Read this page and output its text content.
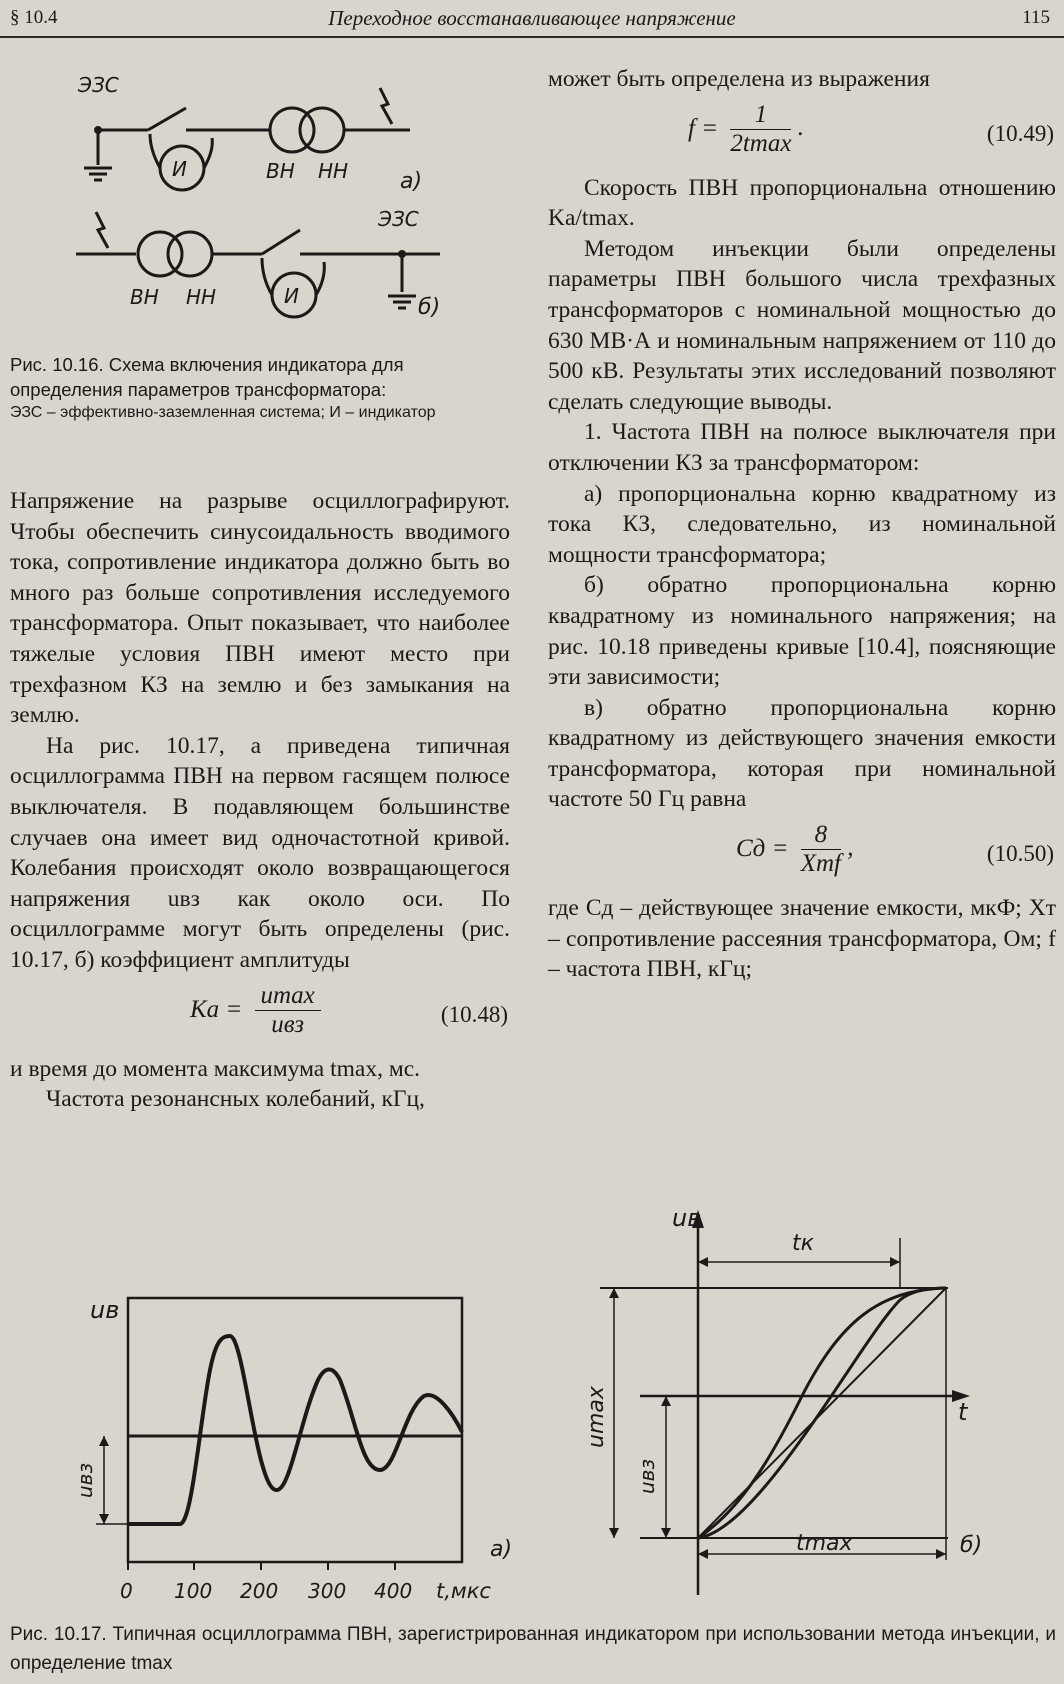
§ 10.4	Переходное восстанавливающее напряжение	115
ЭЗС
И	ВН НН а)
ЭЗС
ВН НН	И	б)

Рис. 10.16. Схема включения индикатора для определения параметров трансформатора:

ЭЗС – эффективно-заземленная система; И – индикатор

Напряжение на разрыве осциллографируют. Чтобы обеспечить синусоидальность вводимого тока, сопротивление индикатора должно быть во много раз больше сопротивления исследуемого трансформатора. Опыт показывает, что наиболее тяжелые условия ПВН имеют место при трехфазном КЗ на землю и без замыкания на землю.

На рис. 10.17, а приведена типичная осциллограмма ПВН на первом гасящем полюсе выключателя. В подавляющем большинстве случаев она имеет вид одночастотной кривой. Колебания происходят около возвращающегося напряжения uвз как около оси. По осциллограмме могут быть определены (рис. 10.17, б) коэффициент амплитуды

Kа = $\frac{umax}{\text{uвз}}$	(10.48)

и время до момента максимума tmax, мс.

Частота резонансных колебаний, кГц,

может быть определена из выражения

$f = \frac{1}{2tmax}$ .	(10.49)

Скорость ПВН пропорциональна отношению Kа/tmax.

Методом инъекции были определены параметры ПВН большого числа трехфазных трансформаторов с номинальной мощностью до 630 МВ·А и номинальным напряжением от 110 до 500 кВ. Результаты этих исследований позволяют сделать следующие выводы.

1. Частота ПВН на полюсе выключателя при отключении КЗ за трансформатором:

а) пропорциональна корню квадратному из тока КЗ, следовательно, из номинальной мощности трансформатора;

б) обратно пропорциональна корню квадратному из номинального напряжения; на рис. 10.18 приведены кривые [10.4], поясняющие эти зависимости;

в) обратно пропорциональна корню квадратному из действующего значения емкости трансформатора, которая при номинальной частоте 50 Гц равна

Cд = $\frac{8}{\text{Xтf}}$ ,	(10.50)

где Cд – действующее значение емкости, мкФ; Xт – сопротивление рассеяния трансформатора, Ом; f – частота ПВН, кГц;

uв
uвз
0 100 200 300 400 t,мкс
а)
uв
t
tк
tmax
umax
uвз
б)

Рис. 10.17. Типичная осциллограмма ПВН, зарегистрированная индикатором при использовании метода инъекции, и определение tmax
